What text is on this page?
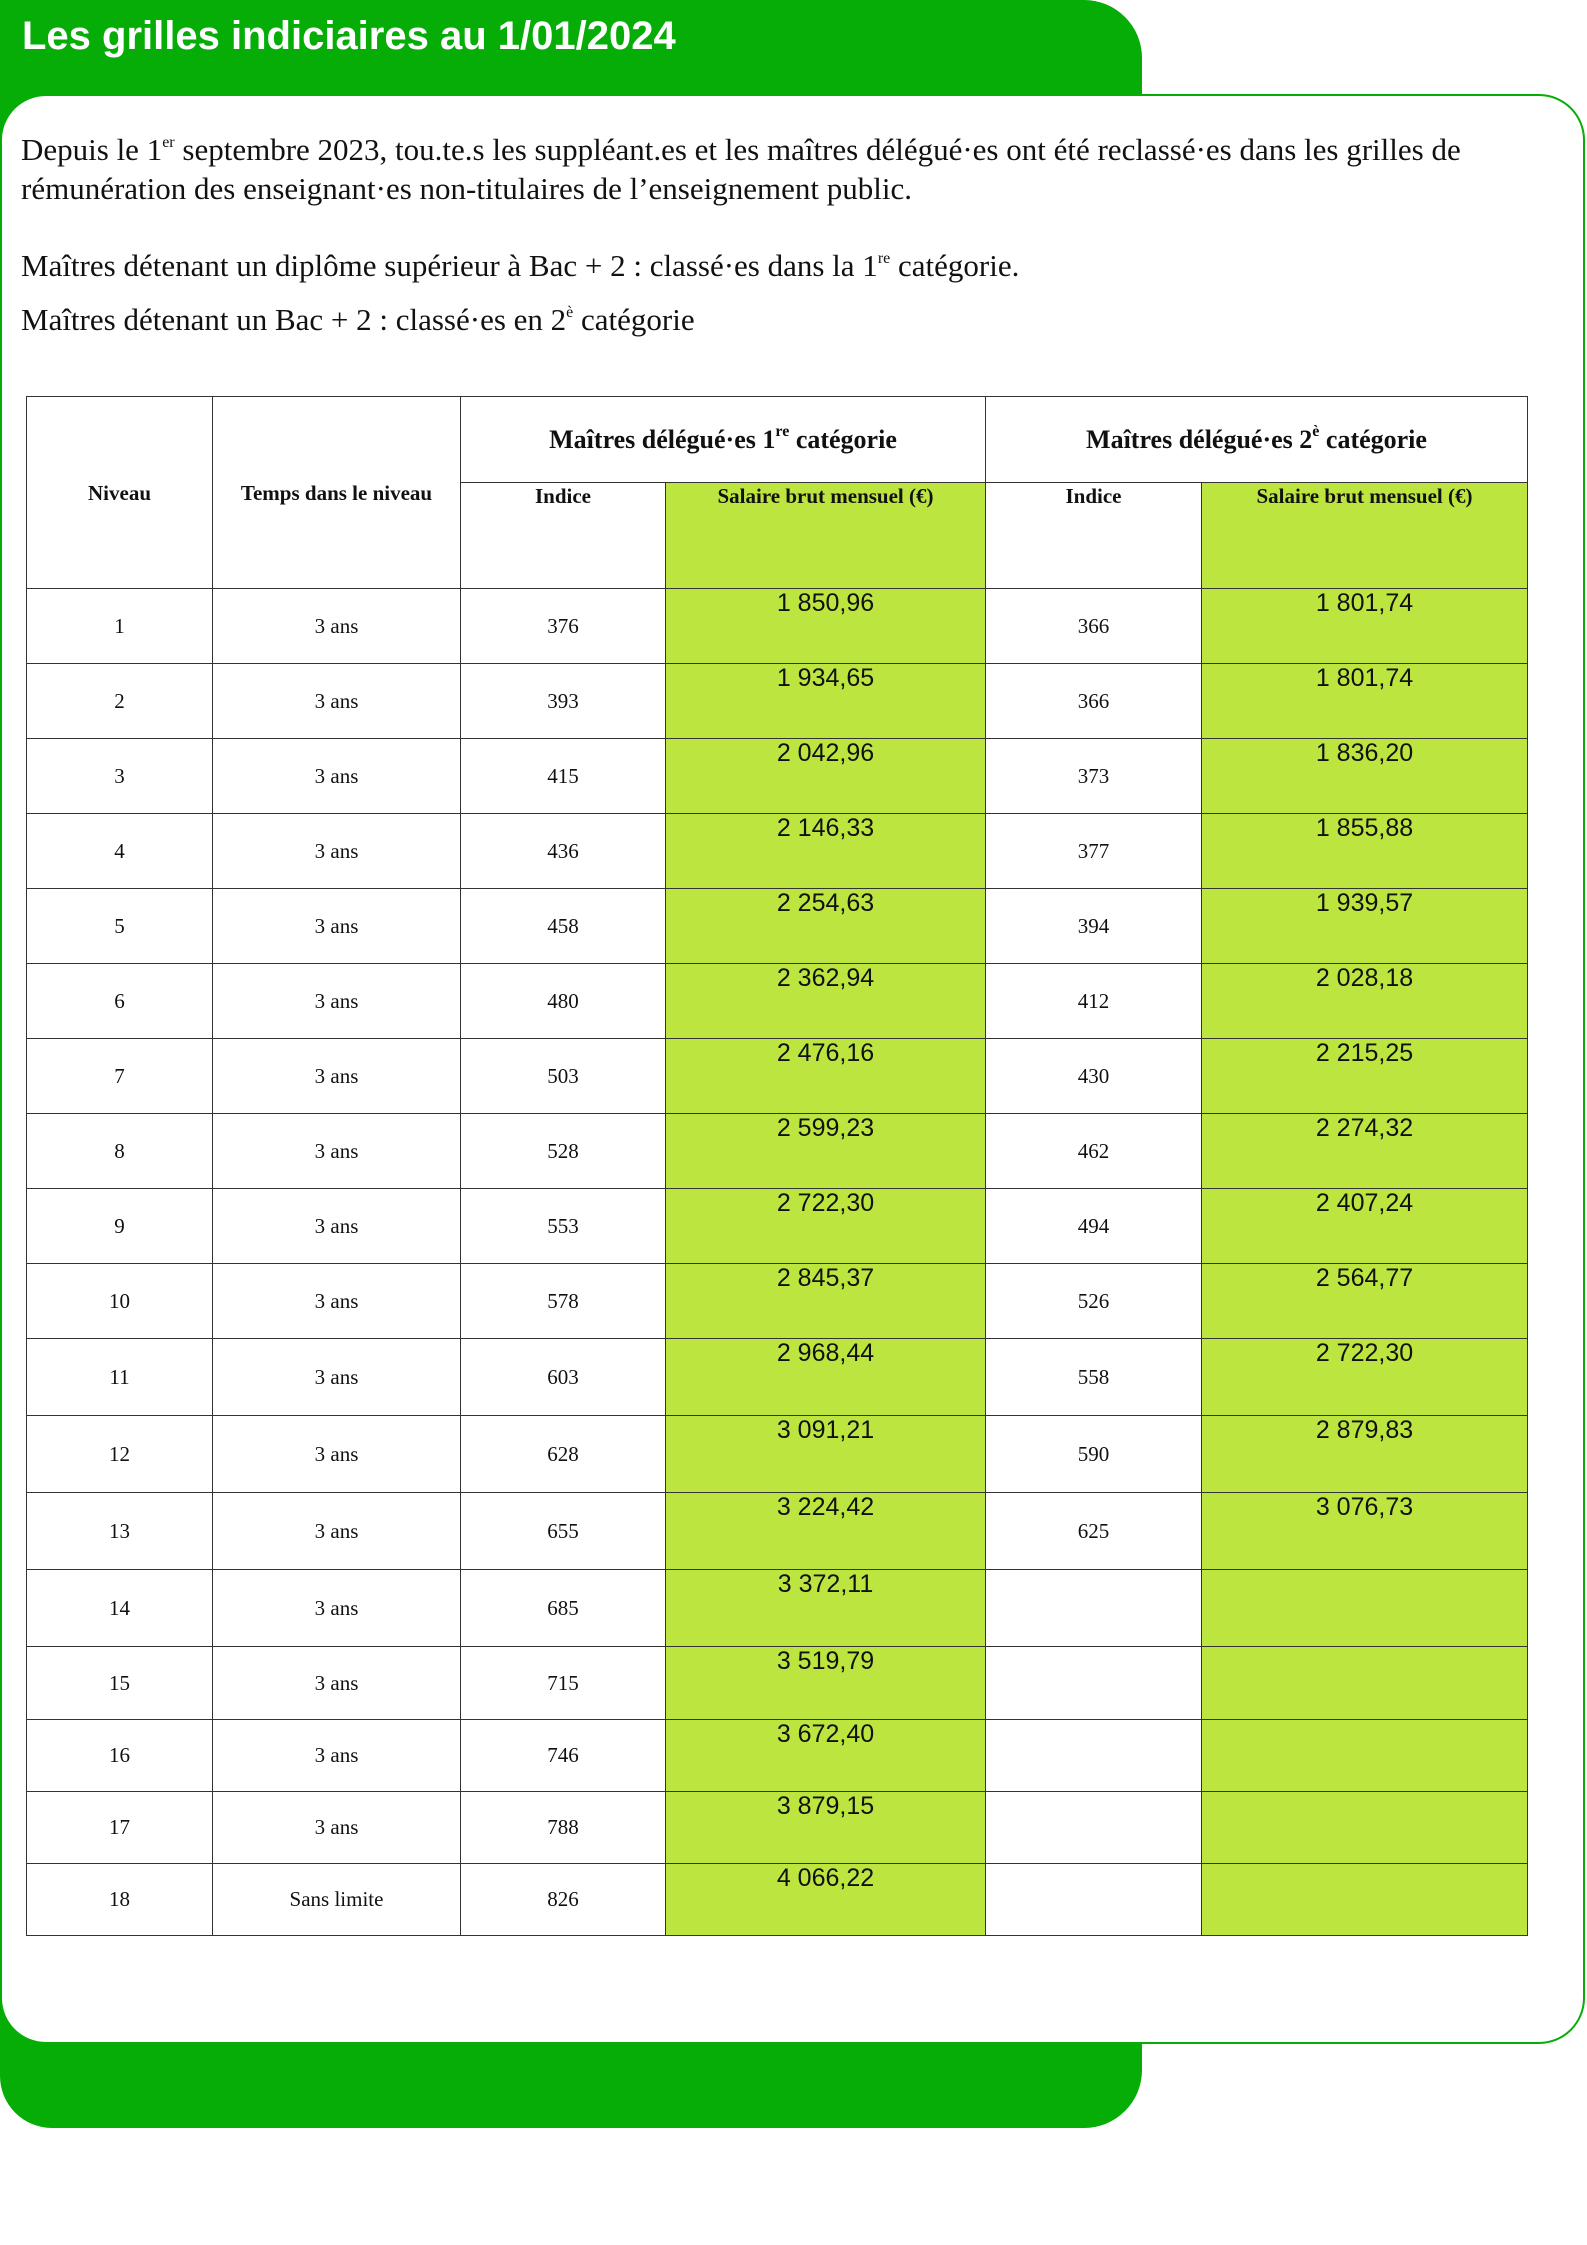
Les grilles indiciaires au 1/01/2024

Depuis le 1er septembre 2023, tou.te.s les suppléant.es et les maîtres délégué·es ont été reclassé·es dans les grilles de rémunération des enseignant·es non-titulaires de l’enseignement public.

Maîtres détenant un diplôme supérieur à Bac + 2 : classé·es dans la 1re catégorie.

Maîtres détenant un Bac + 2 : classé·es en $2^è$ catégorie

Niveau	Temps dans le niveau	Maîtres délégué·es 1re catégorie		Maîtres délégué·es $2^è$ catégorie	
		Indice	Salaire brut mensuel (€)	Indice	Salaire brut mensuel (€)
1	3 ans	376	1 850,96	366	1 801,74
2	3 ans	393	1 934,65	366	1 801,74
3	3 ans	415	2 042,96	373	1 836,20
4	3 ans	436	2 146,33	377	1 855,88
5	3 ans	458	2 254,63	394	1 939,57
6	3 ans	480	2 362,94	412	2 028,18
7	3 ans	503	2 476,16	430	2 215,25
8	3 ans	528	2 599,23	462	2 274,32
9	3 ans	553	2 722,30	494	2 407,24
10	3 ans	578	2 845,37	526	2 564,77
11	3 ans	603	2 968,44	558	2 722,30
12	3 ans	628	3 091,21	590	2 879,83
13	3 ans	655	3 224,42	625	3 076,73
14	3 ans	685	3 372,11		
15	3 ans	715	3 519,79		
16	3 ans	746	3 672,40		
17	3 ans	788	3 879,15		
18	Sans limite	826	4 066,22		
